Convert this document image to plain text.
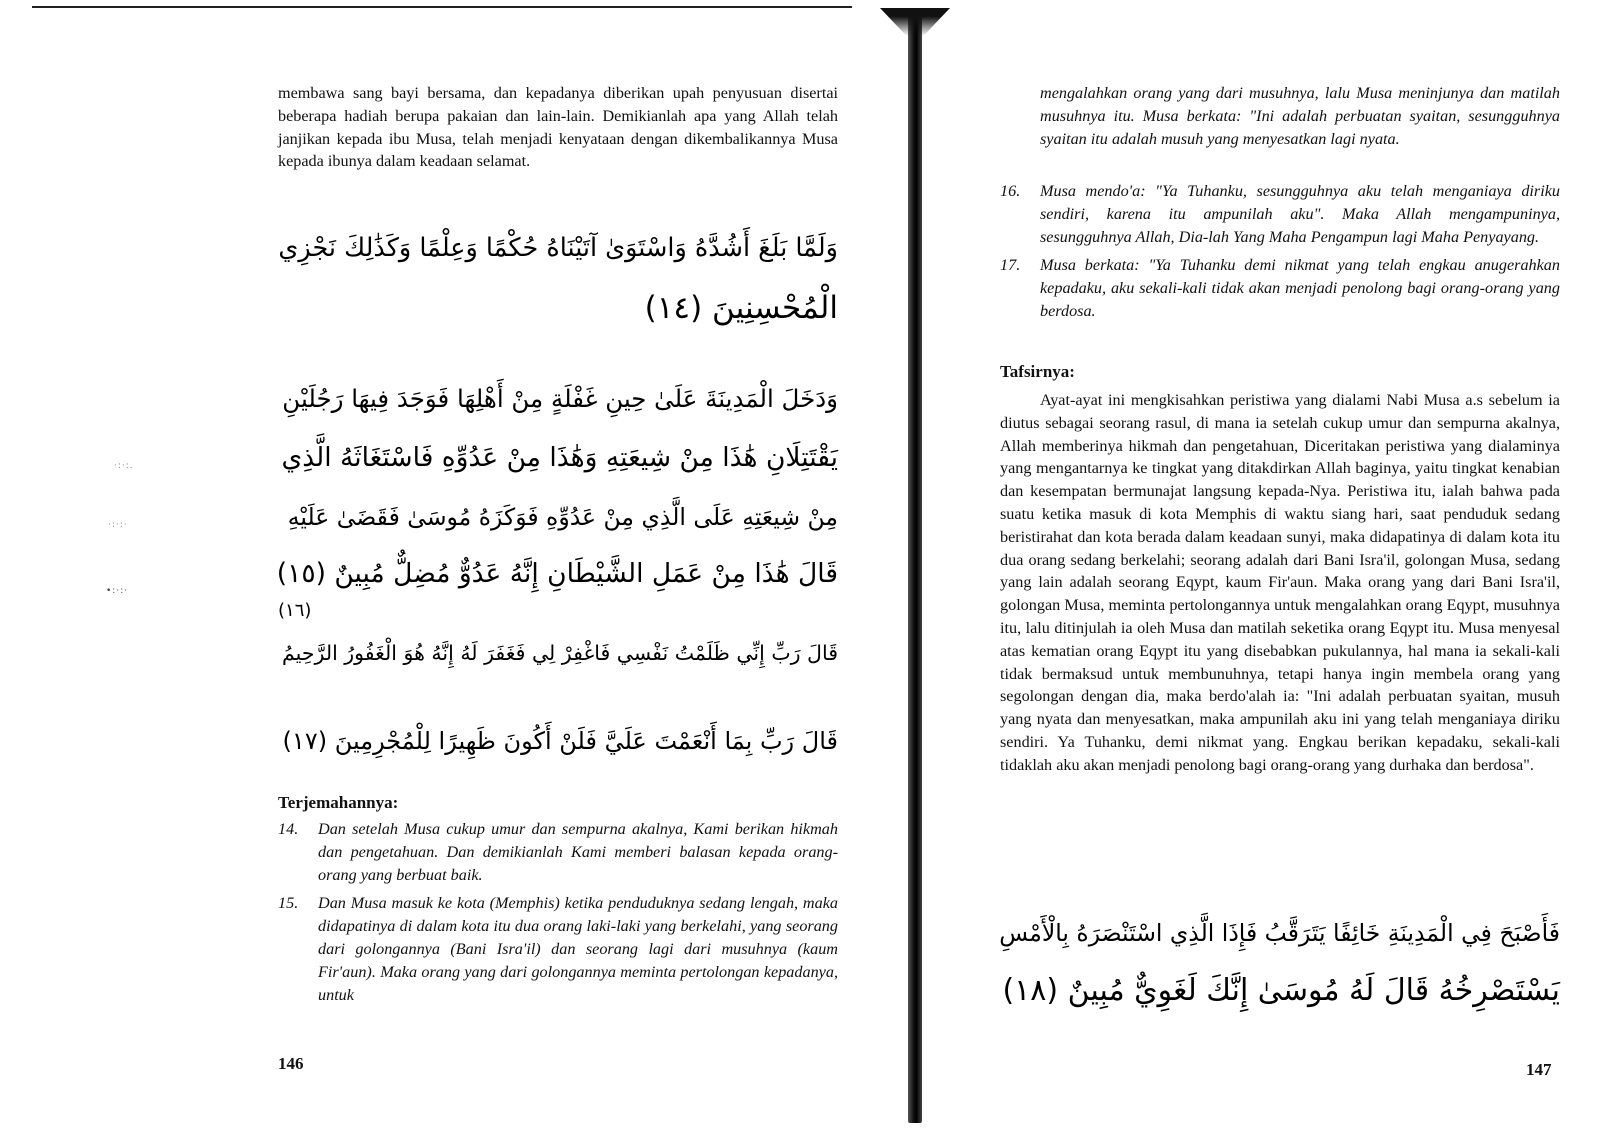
·:·:.
·:·:·
•:·:·

membawa sang bayi bersama, dan kepadanya diberikan upah penyusuan disertai beberapa hadiah berupa pakaian dan lain-lain. Demikianlah apa yang Allah telah janjikan kepada ibu Musa, telah menjadi kenyataan dengan dikembalikannya Musa kepada ibunya dalam keadaan selamat.

وَلَمَّا بَلَغَ أَشُدَّهُ وَاسْتَوَىٰ آتَيْنَاهُ حُكْمًا وَعِلْمًا وَكَذَٰلِكَ نَجْزِي
الْمُحْسِنِينَ (١٤)
وَدَخَلَ الْمَدِينَةَ عَلَىٰ حِينِ غَفْلَةٍ مِنْ أَهْلِهَا فَوَجَدَ فِيهَا رَجُلَيْنِ
يَقْتَتِلَانِ هَٰذَا مِنْ شِيعَتِهِ وَهَٰذَا مِنْ عَدُوِّهِ فَاسْتَغَاثَهُ الَّذِي
مِنْ شِيعَتِهِ عَلَى الَّذِي مِنْ عَدُوِّهِ فَوَكَزَهُ مُوسَىٰ فَقَضَىٰ عَلَيْهِ
قَالَ هَٰذَا مِنْ عَمَلِ الشَّيْطَانِ إِنَّهُ عَدُوٌّ مُضِلٌّ مُبِينٌ (١٥)
(١٦)
قَالَ رَبِّ إِنِّي ظَلَمْتُ نَفْسِي فَاغْفِرْ لِي فَغَفَرَ لَهُ إِنَّهُ هُوَ الْغَفُورُ الرَّحِيمُ
قَالَ رَبِّ بِمَا أَنْعَمْتَ عَلَيَّ فَلَنْ أَكُونَ ظَهِيرًا لِلْمُجْرِمِينَ (١٧)
Terjemahannya:
14.	Dan setelah Musa cukup umur dan sempurna akalnya, Kami berikan hikmah dan pengetahuan. Dan demikianlah Kami memberi balasan kepada orang-orang yang berbuat baik.
15.	Dan Musa masuk ke kota (Memphis) ketika penduduknya sedang lengah, maka didapatinya di dalam kota itu dua orang laki-laki yang berkelahi, yang seorang dari golongannya (Bani Isra'il) dan seorang lagi dari musuhnya (kaum Fir'aun). Maka orang yang dari golongannya meminta pertolongan kepadanya, untuk
146

mengalahkan orang yang dari musuhnya, lalu Musa meninjunya dan matilah musuhnya itu. Musa berkata: "Ini adalah perbuatan syaitan, sesungguhnya syaitan itu adalah musuh yang menyesatkan lagi nyata.

16.	Musa mendo'a: "Ya Tuhanku, sesungguhnya aku telah menganiaya diriku sendiri, karena itu ampunilah aku". Maka Allah mengampuninya, sesungguhnya Allah, Dia-lah Yang Maha Pengampun lagi Maha Penyayang.
17.	Musa berkata: "Ya Tuhanku demi nikmat yang telah engkau anugerahkan kepadaku, aku sekali-kali tidak akan menjadi penolong bagi orang-orang yang berdosa.
Tafsirnya:

Ayat-ayat ini mengkisahkan peristiwa yang dialami Nabi Musa a.s sebelum ia diutus sebagai seorang rasul, di mana ia setelah cukup umur dan sempurna akalnya, Allah memberinya hikmah dan pengetahuan, Diceritakan peristiwa yang dialaminya yang mengantarnya ke tingkat yang ditakdirkan Allah baginya, yaitu tingkat kenabian dan kesempatan bermunajat langsung kepada-Nya. Peristiwa itu, ialah bahwa pada suatu ketika masuk di kota Memphis di waktu siang hari, saat penduduk sedang beristirahat dan kota berada dalam keadaan sunyi, maka didapatinya di dalam kota itu dua orang sedang berkelahi; seorang adalah dari Bani Isra'il, golongan Musa, sedang yang lain adalah seorang Eqypt, kaum Fir'aun. Maka orang yang dari Bani Isra'il, golongan Musa, meminta pertolongannya untuk mengalahkan orang Eqypt, musuhnya itu, lalu ditinjulah ia oleh Musa dan matilah seketika orang Eqypt itu. Musa menyesal atas kematian orang Eqypt itu yang disebabkan pukulannya, hal mana ia sekali-kali tidak bermaksud untuk membunuhnya, tetapi hanya ingin membela orang yang segolongan dengan dia, maka berdo'alah ia: "Ini adalah perbuatan syaitan, musuh yang nyata dan menyesatkan, maka ampunilah aku ini yang telah menganiaya diriku sendiri. Ya Tuhanku, demi nikmat yang. Engkau berikan kepadaku, sekali-kali tidaklah aku akan menjadi penolong bagi orang-orang yang durhaka dan berdosa".

فَأَصْبَحَ فِي الْمَدِينَةِ خَائِفًا يَتَرَقَّبُ فَإِذَا الَّذِي اسْتَنْصَرَهُ بِالْأَمْسِ
يَسْتَصْرِخُهُ قَالَ لَهُ مُوسَىٰ إِنَّكَ لَغَوِيٌّ مُبِينٌ (١٨)
147
